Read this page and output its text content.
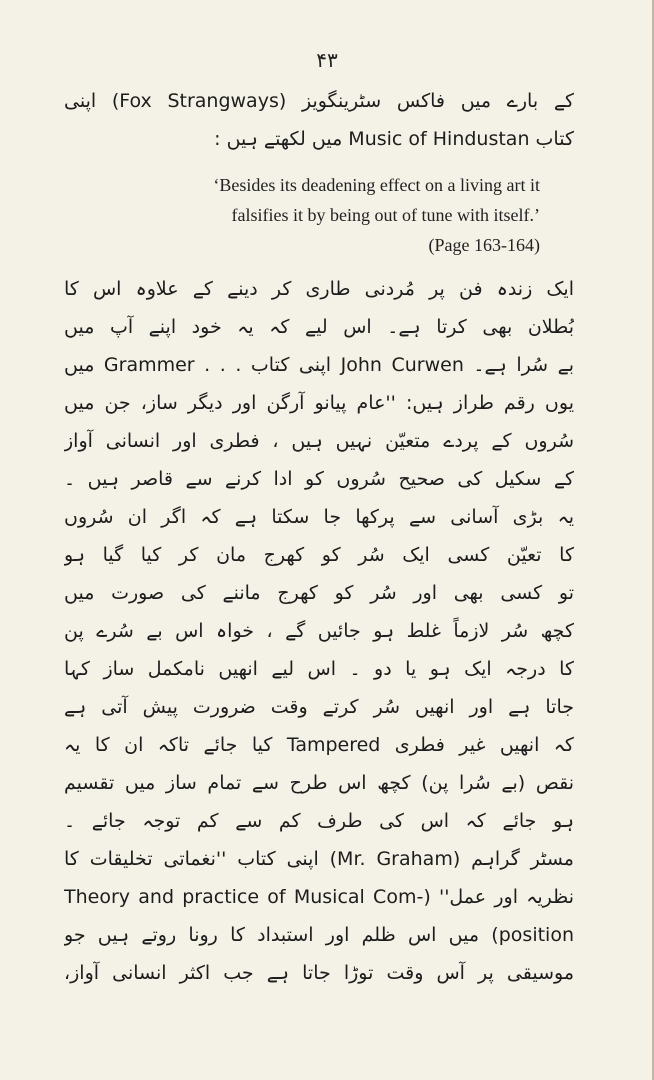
۴۳
کے بارے میں فاکس سٹرینگویز (Fox Strangways) اپنی
کتاب Music of Hindustan میں لکھتے ہیں :
‘Besides its deadening effect on a living art it
falsifies it by being out of tune with itself.’
(Page 163-164)
ایک زندہ فن پر مُردنی طاری کر دینے کے علاوہ اس کا
بُطلان بھی کرتا ہے۔ اس لیے کہ یہ خود اپنے آپ میں
بے سُرا ہے۔ John Curwen اپنی کتاب . . . Grammer میں
یوں رقم طراز ہیں: ''عام پیانو آرگن اور دیگر ساز، جن میں
سُروں کے پردے متعیّن نہیں ہیں ، فطری اور انسانی آواز
کے سکیل کی صحیح سُروں کو ادا کرنے سے قاصر ہیں ۔
یہ بڑی آسانی سے پرکھا جا سکتا ہے کہ اگر ان سُروں
کا تعیّن کسی ایک سُر کو کھرج مان کر کیا گیا ہو
تو کسی بھی اور سُر کو کھرج ماننے کی صورت میں
کچھ سُر لازماً غلط ہو جائیں گے ، خواہ اس بے سُرے پن
کا درجہ ایک ہو یا دو ۔ اس لیے انھیں نامکمل ساز کہا
جاتا ہے اور انھیں سُر کرتے وقت ضرورت پیش آتی ہے
کہ انھیں غیر فطری Tampered کیا جائے تاکہ ان کا یہ
نقص (بے سُرا پن) کچھ اس طرح سے تمام ساز میں تقسیم
ہو جائے کہ اس کی طرف کم سے کم توجہ جائے ۔
مسٹر گراہم (Mr. Graham) اپنی کتاب ''نغماتی تخلیقات کا
نظریہ اور عمل'' (-Theory and practice of Musical Com
position) میں اس ظلم اور استبداد کا رونا روتے ہیں جو
موسیقی پر آس وقت توڑا جاتا ہے جب اکثر انسانی آواز،
